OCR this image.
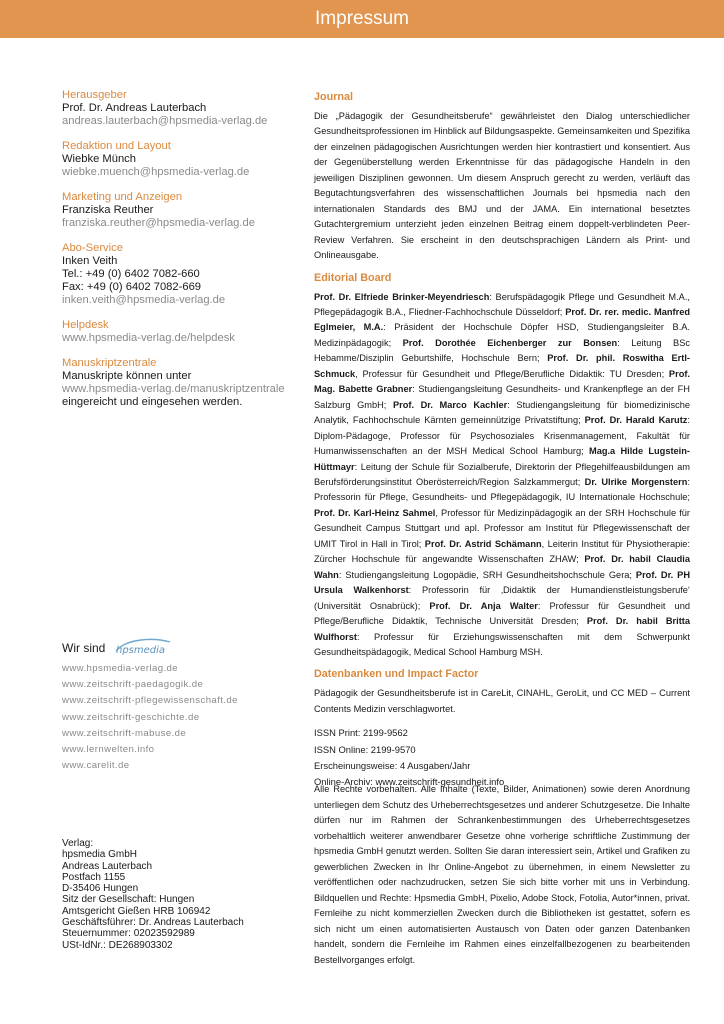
Impressum
Herausgeber
Prof. Dr. Andreas Lauterbach
andreas.lauterbach@hpsmedia-verlag.de
Redaktion und Layout
Wiebke Münch
wiebke.muench@hpsmedia-verlag.de
Marketing und Anzeigen
Franziska Reuther
franziska.reuther@hpsmedia-verlag.de
Abo-Service
Inken Veith
Tel.: +49 (0) 6402 7082-660
Fax: +49 (0) 6402 7082-669
inken.veith@hpsmedia-verlag.de
Helpdesk
www.hpsmedia-verlag.de/helpdesk
Manuskriptzentrale
Manuskripte können unter
www.hpsmedia-verlag.de/manuskriptzentrale
eingereicht und eingesehen werden.
Wir sind hpsmedia
www.hpsmedia-verlag.de
www.zeitschrift-paedagogik.de
www.zeitschrift-pflegewissenschaft.de
www.zeitschrift-geschichte.de
www.zeitschrift-mabuse.de
www.lernwelten.info
www.carelit.de
Verlag:
hpsmedia GmbH
Andreas Lauterbach
Postfach 1155
D-35406 Hungen
Sitz der Gesellschaft: Hungen
Amtsgericht Gießen HRB 106942
Geschäftsführer: Dr. Andreas Lauterbach
Steuernummer: 02023592989
USt-IdNr.: DE268903302
Journal
Die „Pädagogik der Gesundheitsberufe“ gewährleistet den Dialog unterschiedlicher Gesundheitsprofessionen im Hinblick auf Bildungsaspekte. Gemeinsamkeiten und Spezifika der einzelnen pädagogischen Ausrichtungen werden hier kontrastiert und konsentiert. Aus der Gegenüberstellung werden Erkenntnisse für das pädagogische Handeln in den jeweiligen Disziplinen gewonnen. Um diesem Anspruch gerecht zu werden, verläuft das Begutachtungsverfahren des wissenschaftlichen Journals bei hpsmedia nach den internationalen Standards des BMJ und der JAMA. Ein international besetztes Gutachtergremium unterzieht jeden einzelnen Beitrag einem doppelt-verblindeten Peer-Review Verfahren. Sie erscheint in den deutschsprachigen Ländern als Print- und Onlineausgabe.
Editorial Board
Prof. Dr. Elfriede Brinker-Meyendriesch: Berufspädagogik Pflege und Gesundheit M.A., Pflegepädagogik B.A., Fliedner-Fachhochschule Düsseldorf; Prof. Dr. rer. medic. Manfred Eglmeier, M.A.: Präsident der Hochschule Döpfer HSD, Studiengangsleiter B.A. Medizinpädagogik; Prof. Dorothée Eichenberger zur Bonsen: Leitung BSc Hebamme/Disziplin Geburtshilfe, Hochschule Bern; Prof. Dr. phil. Roswitha Ertl-Schmuck, Professur für Gesundheit und Pflege/Berufliche Didaktik: TU Dresden; Prof. Mag. Babette Grabner: Studiengangsleitung Gesundheits- und Krankenpflege an der FH Salzburg GmbH; Prof. Dr. Marco Kachler: Studiengangsleitung für biomedizinische Analytik, Fachhochschule Kärnten gemeinnützige Privatstiftung; Prof. Dr. Harald Karutz: Diplom-Pädagoge, Professor für Psychosoziales Krisenmanagement, Fakultät für Humanwissenschaften an der MSH Medical School Hamburg; Mag.a Hilde Lugstein-Hüttmayr: Leitung der Schule für Sozialberufe, Direktorin der Pflegehilfeausbildungen am Berufsförderungsinstitut Oberösterreich/Region Salzkammergut; Dr. Ulrike Morgenstern: Professorin für Pflege, Gesundheits- und Pflegepädagogik, IU Internationale Hochschule; Prof. Dr. Karl-Heinz Sahmel, Professor für Medizinpädagogik an der SRH Hochschule für Gesundheit Campus Stuttgart und apl. Professor am Institut für Pflegewissenschaft der UMIT Tirol in Hall in Tirol; Prof. Dr. Astrid Schämann, Leiterin Institut für Physiotherapie: Zürcher Hochschule für angewandte Wissenschaften ZHAW; Prof. Dr. habil Claudia Wahn: Studiengangsleitung Logopädie, SRH Gesundheitshochschule Gera; Prof. Dr. PH Ursula Walkenhorst: Professorin für ‚Didaktik der Humandienstleistungsberufe‘ (Universität Osnabrück); Prof. Dr. Anja Walter: Professur für Gesundheit und Pflege/Berufliche Didaktik, Technische Universität Dresden; Prof. Dr. habil Britta Wulfhorst: Professur für Erziehungswissenschaften mit dem Schwerpunkt Gesundheitspädagogik, Medical School Hamburg MSH.
Datenbanken und Impact Factor
Pädagogik der Gesundheitsberufe ist in CareLit, CINAHL, GeroLit, und CC MED – Current Contents Medizin verschlagwortet.
ISSN Print: 2199-9562
ISSN Online: 2199-9570
Erscheinungsweise: 4 Ausgaben/Jahr
Online-Archiv: www.zeitschrift-gesundheit.info
Alle Rechte vorbehalten. Alle Inhalte (Texte, Bilder, Animationen) sowie deren Anordnung unterliegen dem Schutz des Urheberrechtsgesetzes und anderer Schutzgesetze. Die Inhalte dürfen nur im Rahmen der Schrankenbestimmungen des Urheberrechtsgesetzes vorbehaltlich weiterer anwendbarer Gesetze ohne vorherige schriftliche Zustimmung der hpsmedia GmbH genutzt werden. Sollten Sie daran interessiert sein, Artikel und Grafiken zu gewerblichen Zwecken in Ihr Online-Angebot zu übernehmen, in einem Newsletter zu veröffentlichen oder nachzudrucken, setzen Sie sich bitte vorher mit uns in Verbindung. Bildquellen und Rechte: Hpsmedia GmbH, Pixelio, Adobe Stock, Fotolia, Autor*innen, privat. Fernleihe zu nicht kommerziellen Zwecken durch die Bibliotheken ist gestattet, sofern es sich nicht um einen automatisierten Austausch von Daten oder ganzen Datenbanken handelt, sondern die Fernleihe im Rahmen eines einzelfallbezogenen zu bearbeitenden Bestellvorganges erfolgt.
